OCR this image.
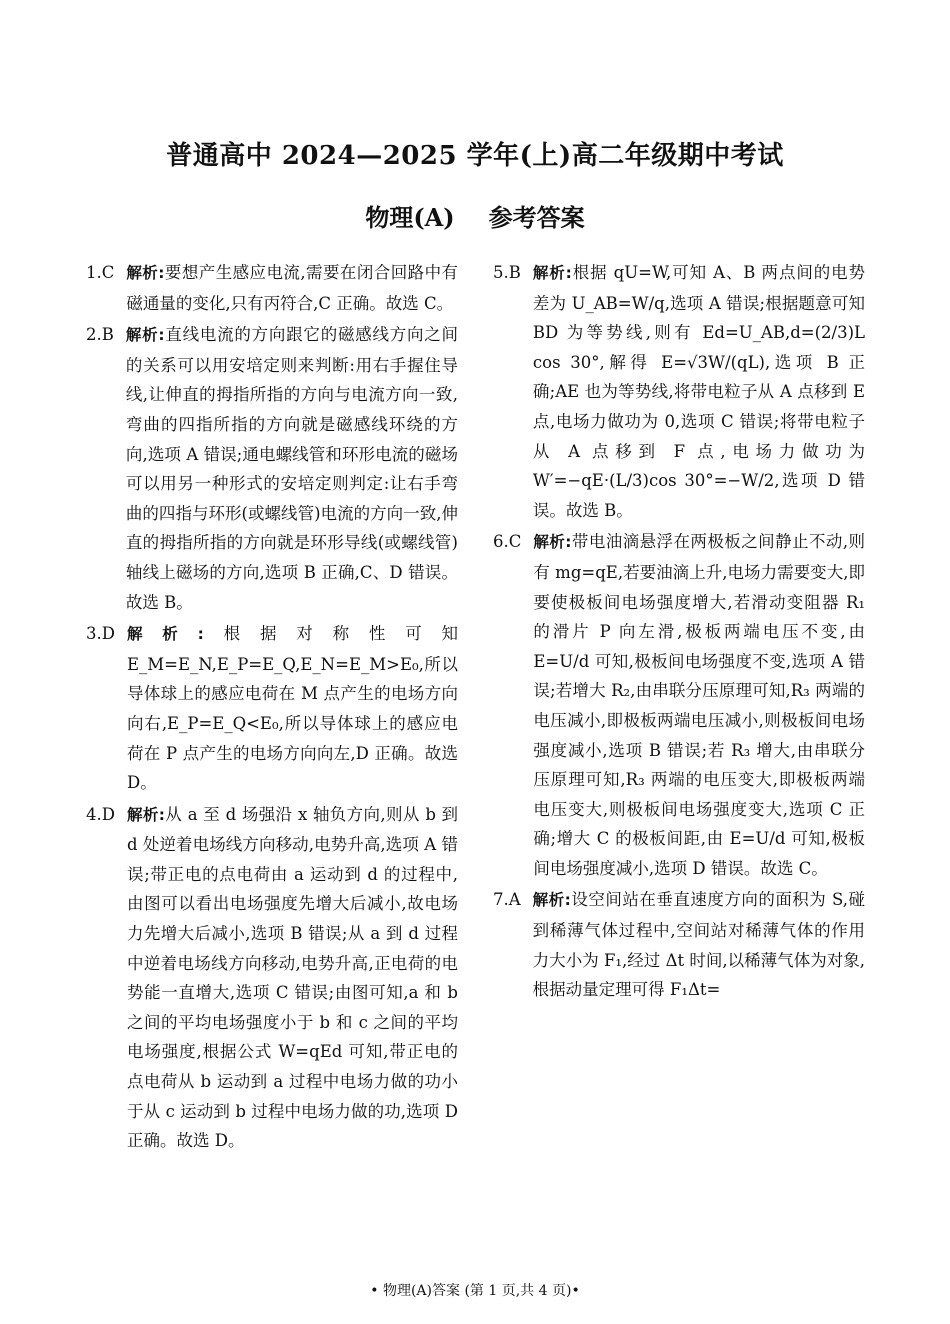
普通高中 2024—2025 学年(上)高二年级期中考试
物理(A) 参考答案
1.C 解析:要想产生感应电流,需要在闭合回路中有磁通量的变化,只有丙符合,C 正确。故选 C。
2.B 解析:直线电流的方向跟它的磁感线方向之间的关系可以用安培定则来判断:用右手握住导线,让伸直的拇指所指的方向与电流方向一致,弯曲的四指所指的方向就是磁感线环绕的方向,选项 A 错误;通电螺线管和环形电流的磁场可以用另一种形式的安培定则判定:让右手弯曲的四指与环形(或螺线管)电流的方向一致,伸直的拇指所指的方向就是环形导线(或螺线管)轴线上磁场的方向,选项 B 正确,C、D 错误。故选 B。
3.D 解析:根据对称性可知 E_M=E_N,E_P=E_Q,E_N=E_M>E₀,所以导体球上的感应电荷在 M 点产生的电场方向向右,E_P=E_Q<E₀,所以导体球上的感应电荷在 P 点产生的电场方向向左,D 正确。故选 D。
4.D 解析:从 a 至 d 场强沿 x 轴负方向,则从 b 到 d 处逆着电场线方向移动,电势升高,选项 A 错误;带正电的点电荷由 a 运动到 d 的过程中,由图可以看出电场强度先增大后减小,故电场力先增大后减小,选项 B 错误;从 a 到 d 过程中逆着电场线方向移动,电势升高,正电荷的电势能一直增大,选项 C 错误;由图可知,a 和 b 之间的平均电场强度小于 b 和 c 之间的平均电场强度,根据公式 W=qEd 可知,带正电的点电荷从 b 运动到 a 过程中电场力做的功小于从 c 运动到 b 过程中电场力做的功,选项 D 正确。故选 D。
5.B 解析:根据 qU=W,可知 A、B 两点间的电势差为 U_AB=W/q,选项 A 错误;根据题意可知 BD 为等势线,则有 Ed=U_AB,d=(2/3)L cos 30°,解得 E=√3W/(qL),选项 B 正确;AE 也为等势线,将带电粒子从 A 点移到 E 点,电场力做功为 0,选项 C 错误;将带电粒子从 A 点移到 F 点,电场力做功为 W′=−qE·(L/3)cos 30°=−W/2,选项 D 错误。故选 B。
6.C 解析:带电油滴悬浮在两极板之间静止不动,则有 mg=qE,若要油滴上升,电场力需要变大,即要使极板间电场强度增大,若滑动变阻器 R₁ 的滑片 P 向左滑,极板两端电压不变,由 E=U/d 可知,极板间电场强度不变,选项 A 错误;若增大 R₂,由串联分压原理可知,R₃ 两端的电压减小,即极板两端电压减小,则极板间电场强度减小,选项 B 错误;若 R₃ 增大,由串联分压原理可知,R₃ 两端的电压变大,即极板两端电压变大,则极板间电场强度变大,选项 C 正确;增大 C 的极板间距,由 E=U/d 可知,极板间电场强度减小,选项 D 错误。故选 C。
7.A 解析:设空间站在垂直速度方向的面积为 S,碰到稀薄气体过程中,空间站对稀薄气体的作用力大小为 F₁,经过 Δt 时间,以稀薄气体为对象,根据动量定理可得 F₁Δt=
• 物理(A)答案 (第 1 页,共 4 页)•
